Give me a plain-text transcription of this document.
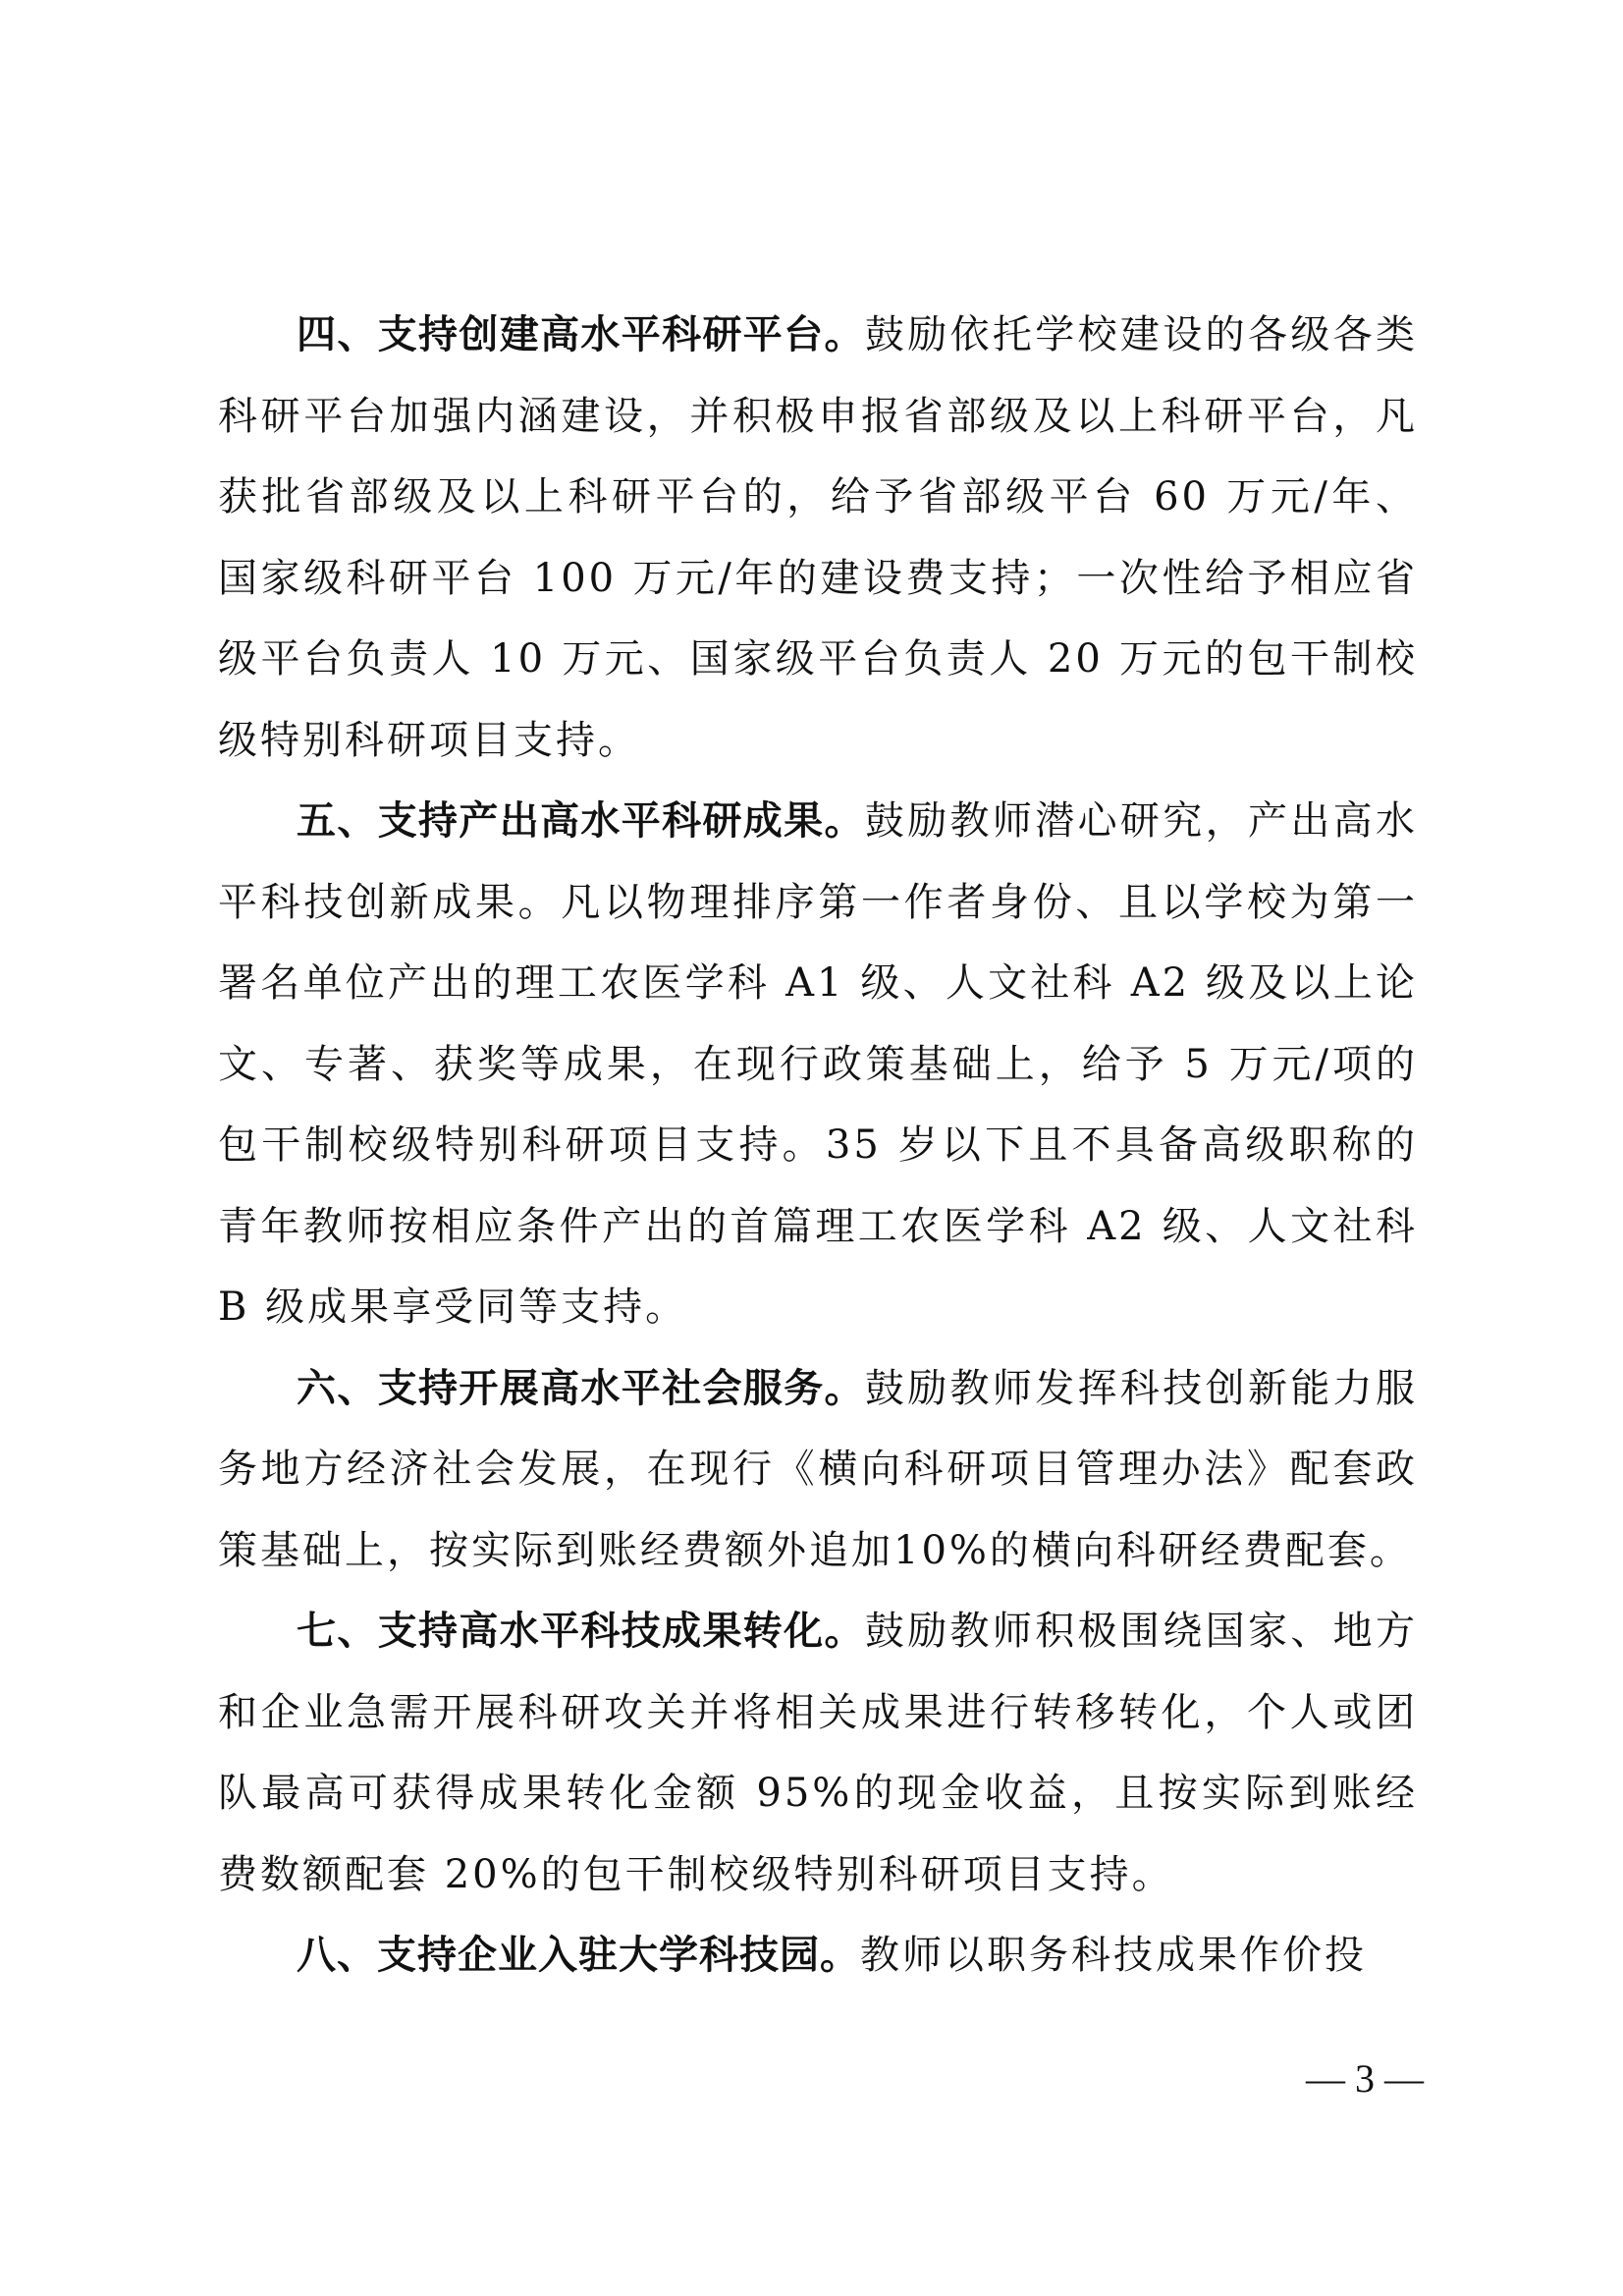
四、支持创建高水平科研平台。鼓励依托学校建设的各级各类科研平台加强内涵建设，并积极申报省部级及以上科研平台，凡获批省部级及以上科研平台的，给予省部级平台 60 万元/年、国家级科研平台 100 万元/年的建设费支持；一次性给予相应省级平台负责人 10 万元、国家级平台负责人 20 万元的包干制校级特别科研项目支持。

五、支持产出高水平科研成果。鼓励教师潜心研究，产出高水平科技创新成果。凡以物理排序第一作者身份、且以学校为第一署名单位产出的理工农医学科 A1 级、人文社科 A2 级及以上论文、专著、获奖等成果，在现行政策基础上，给予 5 万元/项的包干制校级特别科研项目支持。35 岁以下且不具备高级职称的青年教师按相应条件产出的首篇理工农医学科 A2 级、人文社科 B 级成果享受同等支持。

六、支持开展高水平社会服务。鼓励教师发挥科技创新能力服务地方经济社会发展，在现行《横向科研项目管理办法》配套政策基础上，按实际到账经费额外追加10%的横向科研经费配套。

七、支持高水平科技成果转化。鼓励教师积极围绕国家、地方和企业急需开展科研攻关并将相关成果进行转移转化，个人或团队最高可获得成果转化金额 95%的现金收益，且按实际到账经费数额配套 20%的包干制校级特别科研项目支持。

八、支持企业入驻大学科技园。教师以职务科技成果作价投

— 3 —
